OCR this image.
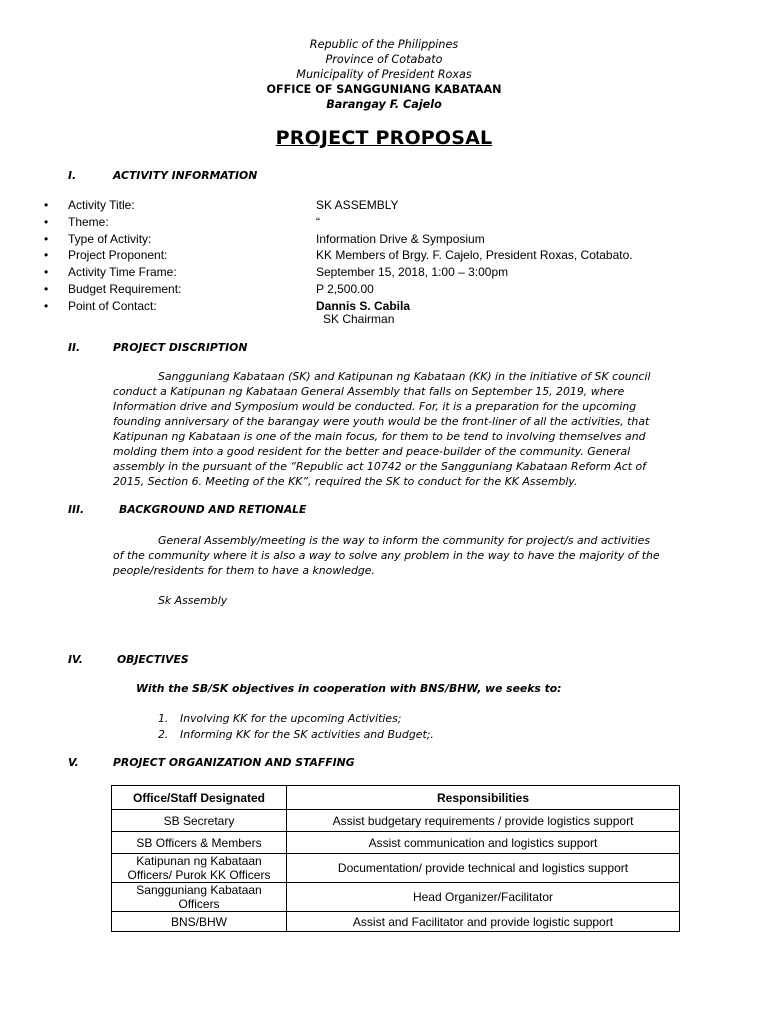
Republic of the Philippines
Province of Cotabato
Municipality of President Roxas
OFFICE OF SANGGUNIANG KABATAAN
Barangay F. Cajelo
PROJECT PROPOSAL
I.	ACTIVITY INFORMATION
• Activity Title:	SK ASSEMBLY
• Theme:	“
• Type of Activity:	Information Drive & Symposium
• Project Proponent:	KK Members of Brgy. F. Cajelo, President Roxas, Cotabato.
• Activity Time Frame:	September 15, 2018, 1:00 – 3:00pm
• Budget Requirement:	P 2,500.00
• Point of Contact:	Dannis S. Cabila
SK Chairman
II.	PROJECT DISCRIPTION
Sangguniang Kabataan (SK) and Katipunan ng Kabataan (KK) in the initiative of SK council
conduct a Katipunan ng Kabataan General Assembly that falls on September 15, 2019, where
Information drive and Symposium would be conducted. For, it is a preparation for the upcoming
founding anniversary of the barangay were youth would be the front-liner of all the activities, that
Katipunan ng Kabataan is one of the main focus, for them to be tend to involving themselves and
molding them into a good resident for the better and peace-builder of the community. General
assembly in the pursuant of the “Republic act 10742 or the Sangguniang Kabataan Reform Act of
2015, Section 6. Meeting of the KK”, required the SK to conduct for the KK Assembly.
III.	BACKGROUND AND RETIONALE
General Assembly/meeting is the way to inform the community for project/s and activities
of the community where it is also a way to solve any problem in the way to have the majority of the
people/residents for them to have a knowledge.
Sk Assembly
IV.	OBJECTIVES
With the SB/SK objectives in cooperation with BNS/BHW, we seeks to:
1. Involving KK for the upcoming Activities;
2. Informing KK for the SK activities and Budget;.
V.	PROJECT ORGANIZATION AND STAFFING
Office/Staff Designated	Responsibilities
SB Secretary	Assist budgetary requirements / provide logistics support
SB Officers & Members	Assist communication and logistics support
Katipunan ng Kabataan Officers/ Purok KK Officers	Documentation/ provide technical and logistics support
Sangguniang Kabataan Officers	Head Organizer/Facilitator
BNS/BHW	Assist and Facilitator and provide logistic support
